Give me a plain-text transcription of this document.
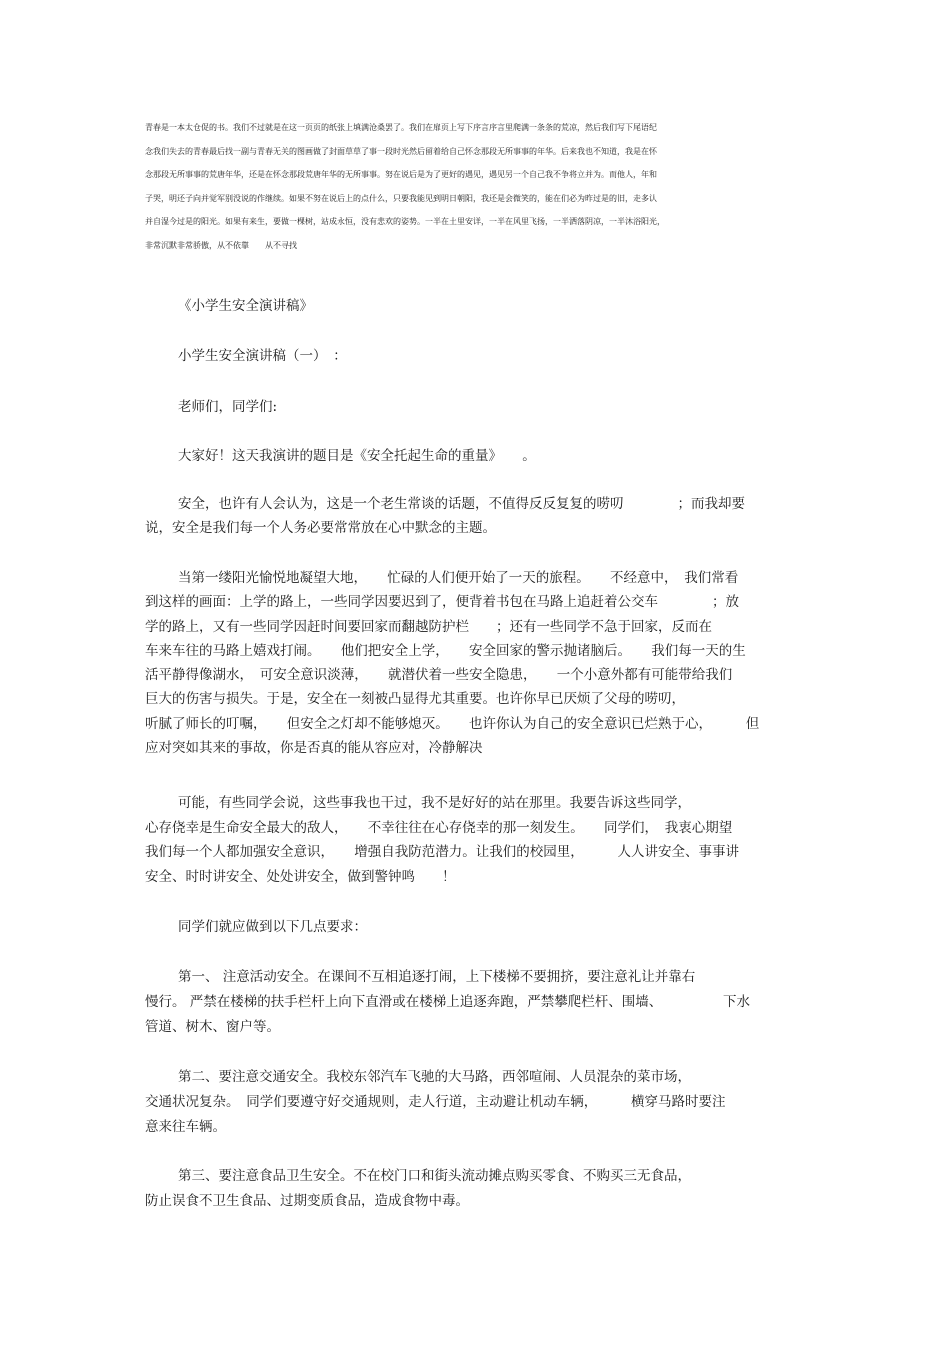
青春是一本太仓促的书。我们不过就是在这一页页的纸张上填满沧桑罢了。我们在扉页上写下序言序言里爬满一条条的荒凉，然后我们写下尾语纪

念我们失去的青春最后找一副与青春无关的图画做了封面草草了事一段时光然后留着给自己怀念那段无所事事的年华。后来我也不知道，我是在怀

念那段无所事事的荒唐年华，还是在怀念那段荒唐年华的无所事事。努在说后是为了更好的遇见，遇见另一个自己我不争将立并为。而他人，年和

子哭，明还子向并觉军别没说的作继续。如果不努在说后上的点什么，只要我能见到明日朝阳，我还是会微笑的，能在们必为昨过是的旧，走多认

并自湿今过是的阳光。如果有来生，要做一棵树，站成永恒，没有悲欢的姿势。一半在土里安详，一半在风里飞扬，一半洒落阴凉，一半沐浴阳光，

非常沉默非常骄傲，从不依靠　　从不寻找

《小学生安全演讲稿》
小学生安全演讲稿（一）　：
老师们，同学们:
大家好！这天我演讲的题目是《安全托起生命的重量》　　。

安全，也许有人会认为，这是一个老生常谈的话题，不值得反反复复的唠叨　　　　；而我却要

说，安全是我们每一个人务必要常常放在心中默念的主题。

当第一缕阳光愉悦地凝望大地，　　忙碌的人们便开始了一天的旅程。　　不经意中，　我们常看

到这样的画面：上学的路上，一些同学因要迟到了，便背着书包在马路上追赶着公交车　　　　；放

学的路上，又有一些同学因赶时间要回家而翻越防护栏　　；还有一些同学不急于回家，反而在

车来车往的马路上嬉戏打闹。　　他们把安全上学，　　安全回家的警示抛诸脑后。　　我们每一天的生

活平静得像湖水，　可安全意识淡薄，　　就潜伏着一些安全隐患，　　一个小意外都有可能带给我们

巨大的伤害与损失。于是，安全在一刻被凸显得尤其重要。也许你早已厌烦了父母的唠叨，

听腻了师长的叮嘱，　　但安全之灯却不能够熄灭。　　也许你认为自己的安全意识已烂熟于心，　　　但

应对突如其来的事故，你是否真的能从容应对，冷静解决

可能，有些同学会说，这些事我也干过，我不是好好的站在那里。我要告诉这些同学，

心存侥幸是生命安全最大的敌人，　　不幸往往在心存侥幸的那一刻发生。　　同学们，　我衷心期望

我们每一个人都加强安全意识，　　增强自我防范潜力。让我们的校园里，　　　人人讲安全、事事讲

安全、时时讲安全、处处讲安全，做到警钟鸣　　！

同学们就应做到以下几点要求：

第一、 注意活动安全。在课间不互相追逐打闹，上下楼梯不要拥挤，要注意礼让并靠右

慢行。 严禁在楼梯的扶手栏杆上向下直滑或在楼梯上追逐奔跑，严禁攀爬栏杆、围墙、　　　　　下水

管道、树木、窗户等。

第二、要注意交通安全。我校东邻汽车飞驰的大马路，西邻喧闹、人员混杂的菜市场，

交通状况复杂。　同学们要遵守好交通规则，走人行道，主动避让机动车辆，　　　横穿马路时要注

意来往车辆。

第三、要注意食品卫生安全。不在校门口和街头流动摊点购买零食、不购买三无食品，

防止误食不卫生食品、过期变质食品，造成食物中毒。
